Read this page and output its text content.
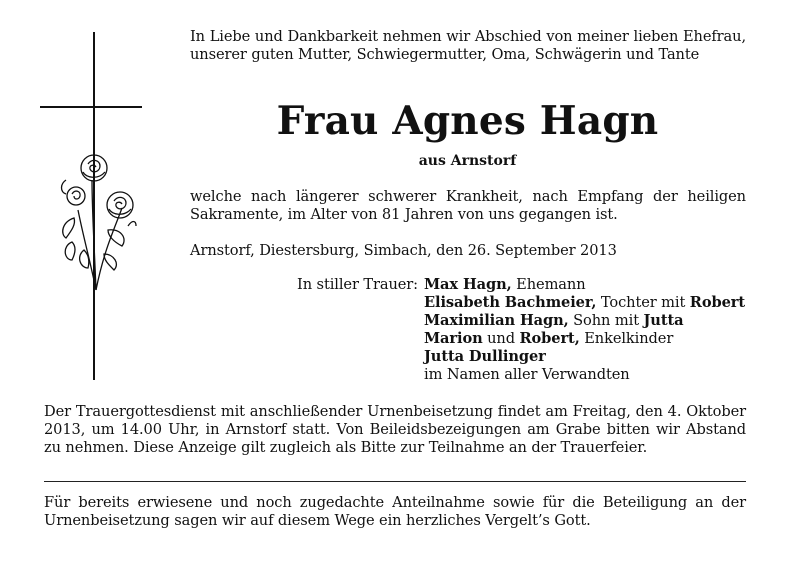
In Liebe und Dankbarkeit nehmen wir Abschied von meiner lieben Ehefrau, unserer guten Mutter, Schwiegermutter, Oma, Schwägerin und Tante

Frau Agnes Hagn
aus Arnstorf

welche nach längerer schwerer Krankheit, nach Empfang der heiligen Sakramente, im Alter von 81 Jahren von uns gegangen ist.

Arnstorf, Diestersburg, Simbach, den 26. September 2013

In stiller Trauer: Max Hagn, Ehemann
Elisabeth Bachmeier, Tochter mit Robert
Maximilian Hagn, Sohn mit Jutta
Marion und Robert, Enkelkinder
Jutta Dullinger
im Namen aller Verwandten

Der Trauergottesdienst mit anschließender Urnenbeisetzung findet am Freitag, den 4. Oktober 2013, um 14.00 Uhr, in Arnstorf statt. Von Beileidsbezeigungen am Grabe bitten wir Abstand zu nehmen. Diese Anzeige gilt zugleich als Bitte zur Teilnahme an der Trauerfeier.

Für bereits erwiesene und noch zugedachte Anteilnahme sowie für die Beteiligung an der Urnenbeisetzung sagen wir auf diesem Wege ein herzliches Vergelt’s Gott.
